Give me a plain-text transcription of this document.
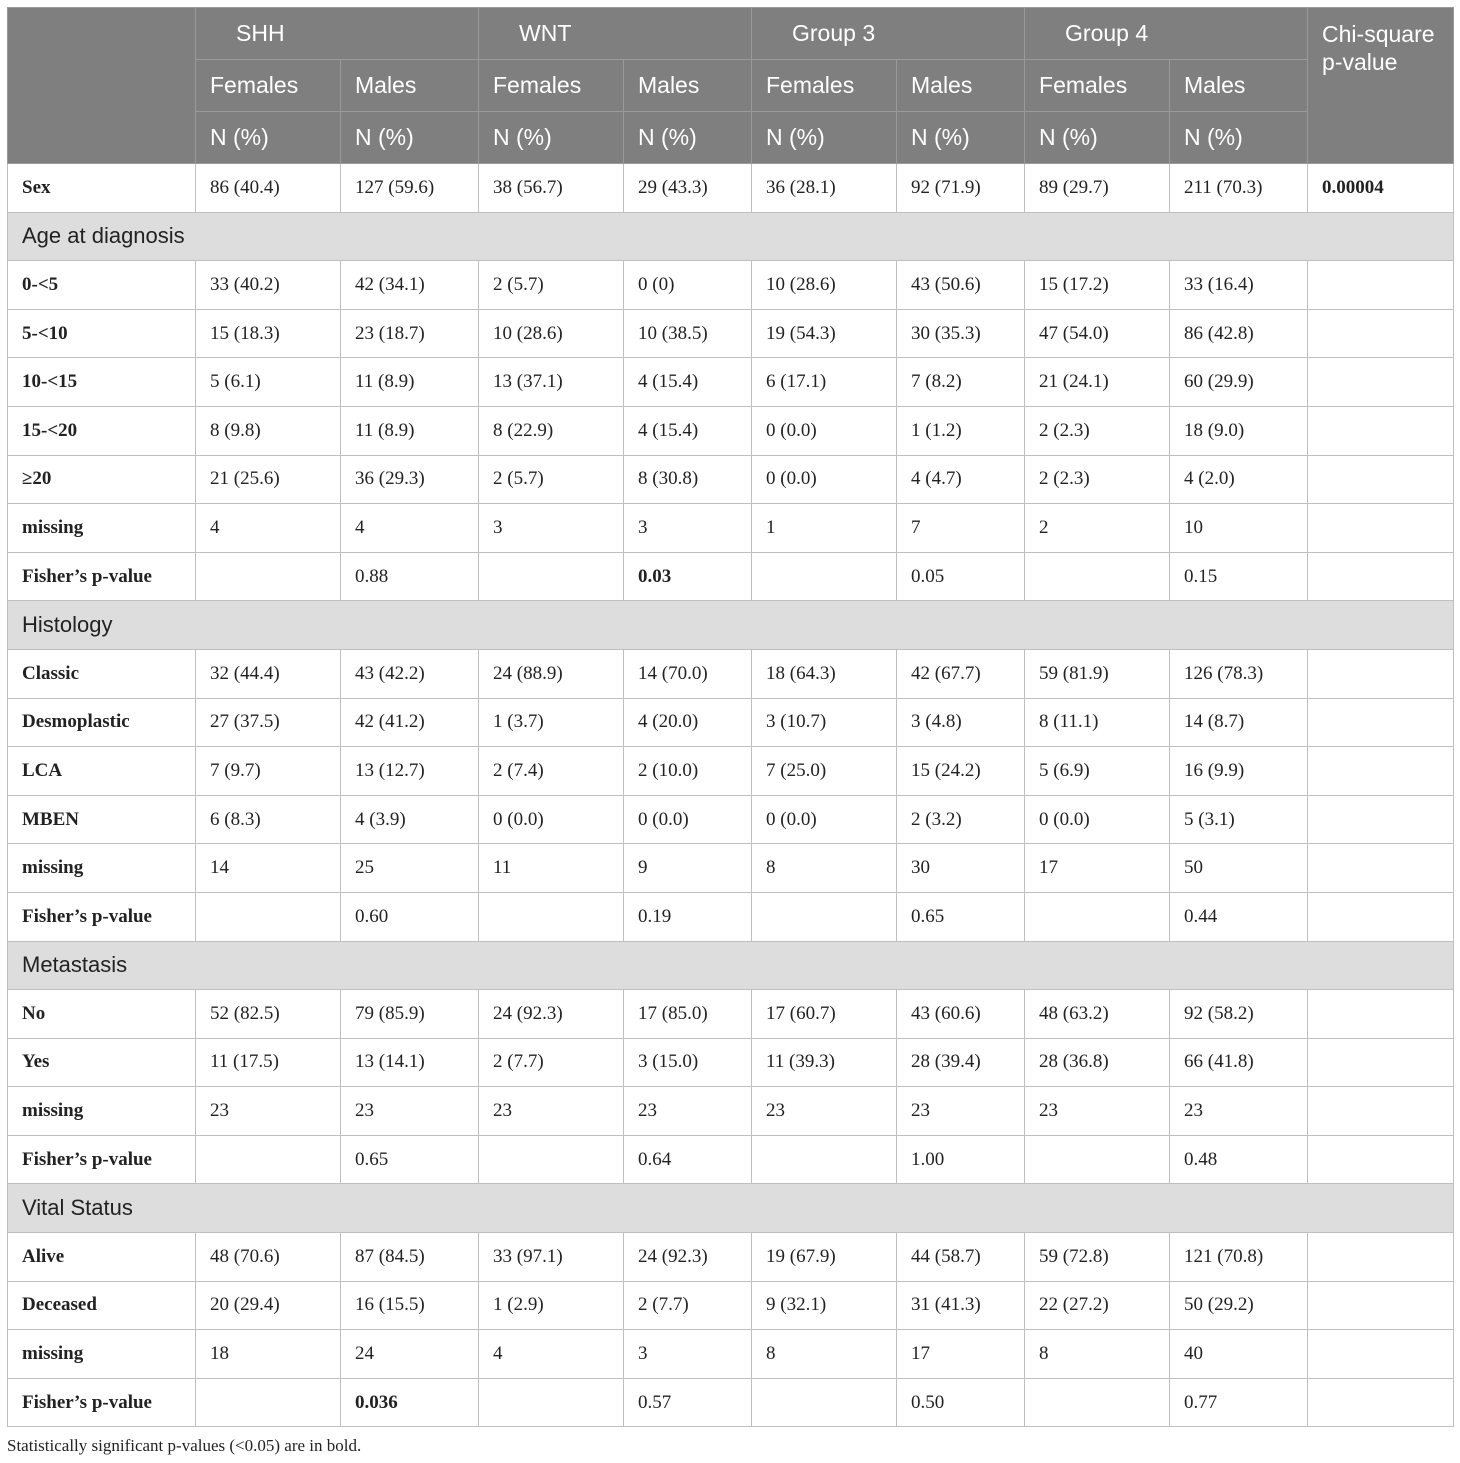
	SHH		WNT		Group 3		Group 4		Chi-square
p-value
	Females	Males	Females	Males	Females	Males	Females	Males	
	N (%)	N (%)	N (%)	N (%)	N (%)	N (%)	N (%)	N (%)	
Sex	86 (40.4)	127 (59.6)	38 (56.7)	29 (43.3)	36 (28.1)	92 (71.9)	89 (29.7)	211 (70.3)	0.00004
Age at diagnosis									
0-<5	33 (40.2)	42 (34.1)	2 (5.7)	0 (0)	10 (28.6)	43 (50.6)	15 (17.2)	33 (16.4)	
5-<10	15 (18.3)	23 (18.7)	10 (28.6)	10 (38.5)	19 (54.3)	30 (35.3)	47 (54.0)	86 (42.8)	
10-<15	5 (6.1)	11 (8.9)	13 (37.1)	4 (15.4)	6 (17.1)	7 (8.2)	21 (24.1)	60 (29.9)	
15-<20	8 (9.8)	11 (8.9)	8 (22.9)	4 (15.4)	0 (0.0)	1 (1.2)	2 (2.3)	18 (9.0)	
≥20	21 (25.6)	36 (29.3)	2 (5.7)	8 (30.8)	0 (0.0)	4 (4.7)	2 (2.3)	4 (2.0)	
missing	4	4	3	3	1	7	2	10	
Fisher’s p-value		0.88		0.03		0.05		0.15	
Histology									
Classic	32 (44.4)	43 (42.2)	24 (88.9)	14 (70.0)	18 (64.3)	42 (67.7)	59 (81.9)	126 (78.3)	
Desmoplastic	27 (37.5)	42 (41.2)	1 (3.7)	4 (20.0)	3 (10.7)	3 (4.8)	8 (11.1)	14 (8.7)	
LCA	7 (9.7)	13 (12.7)	2 (7.4)	2 (10.0)	7 (25.0)	15 (24.2)	5 (6.9)	16 (9.9)	
MBEN	6 (8.3)	4 (3.9)	0 (0.0)	0 (0.0)	0 (0.0)	2 (3.2)	0 (0.0)	5 (3.1)	
missing	14	25	11	9	8	30	17	50	
Fisher’s p-value		0.60		0.19		0.65		0.44	
Metastasis									
No	52 (82.5)	79 (85.9)	24 (92.3)	17 (85.0)	17 (60.7)	43 (60.6)	48 (63.2)	92 (58.2)	
Yes	11 (17.5)	13 (14.1)	2 (7.7)	3 (15.0)	11 (39.3)	28 (39.4)	28 (36.8)	66 (41.8)	
missing	23	23	23	23	23	23	23	23	
Fisher’s p-value		0.65		0.64		1.00		0.48	
Vital Status									
Alive	48 (70.6)	87 (84.5)	33 (97.1)	24 (92.3)	19 (67.9)	44 (58.7)	59 (72.8)	121 (70.8)	
Deceased	20 (29.4)	16 (15.5)	1 (2.9)	2 (7.7)	9 (32.1)	31 (41.3)	22 (27.2)	50 (29.2)	
missing	18	24	4	3	8	17	8	40	
Fisher’s p-value		0.036		0.57		0.50		0.77	
Statistically significant p-values (<0.05) are in bold.
